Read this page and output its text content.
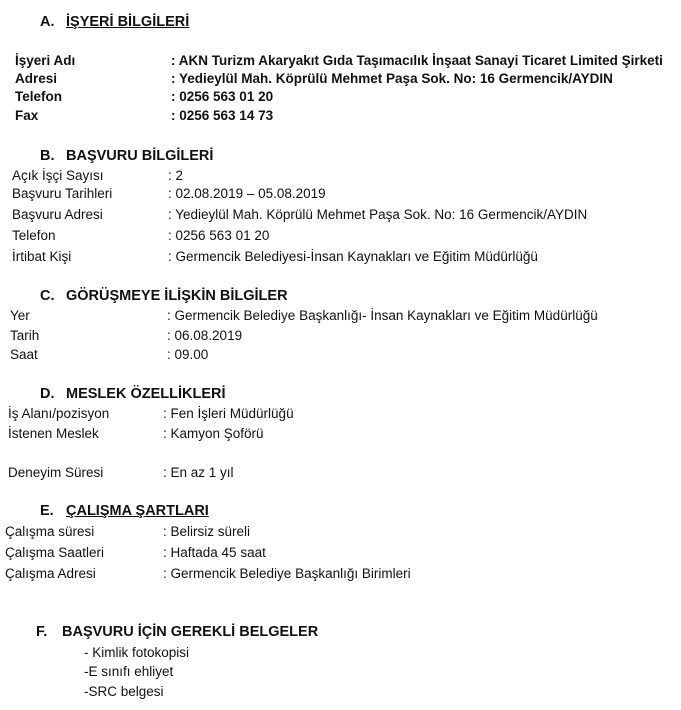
A. İŞYERİ BİLGİLERİ
İşyeri Adı	: AKN Turizm Akaryakıt Gıda Taşımacılık İnşaat Sanayi Ticaret Limited Şirketi
Adresi	: Yedieylül Mah. Köprülü Mehmet Paşa Sok. No: 16 Germencik/AYDIN
Telefon	: 0256 563 01 20
Fax	: 0256 563 14 73
B. BAŞVURU BİLGİLERİ
Açık İşçi Sayısı	: 2
Başvuru Tarihleri	: 02.08.2019 – 05.08.2019
Başvuru Adresi	: Yedieylül Mah. Köprülü Mehmet Paşa Sok. No: 16 Germencik/AYDIN
Telefon	: 0256 563 01 20
İrtibat Kişi	: Germencik Belediyesi-İnsan Kaynakları ve Eğitim Müdürlüğü
C. GÖRÜŞMEYE İLİŞKİN BİLGİLER
Yer	: Germencik Belediye Başkanlığı- İnsan Kaynakları ve Eğitim Müdürlüğü
Tarih	: 06.08.2019
Saat	: 09.00
D. MESLEK ÖZELLİKLERİ
İş Alanı/pozisyon	: Fen İşleri Müdürlüğü
İstenen Meslek	: Kamyon Şoförü
Deneyim Süresi	: En az 1 yıl
E. ÇALIŞMA ŞARTLARI
Çalışma süresi	: Belirsiz süreli
Çalışma Saatleri	: Haftada 45 saat
Çalışma Adresi	: Germencik Belediye Başkanlığı Birimleri
F. BAŞVURU İÇİN GEREKLİ BELGELER
- Kimlik fotokopisi
- E sınıfı ehliyet
- SRC belgesi
